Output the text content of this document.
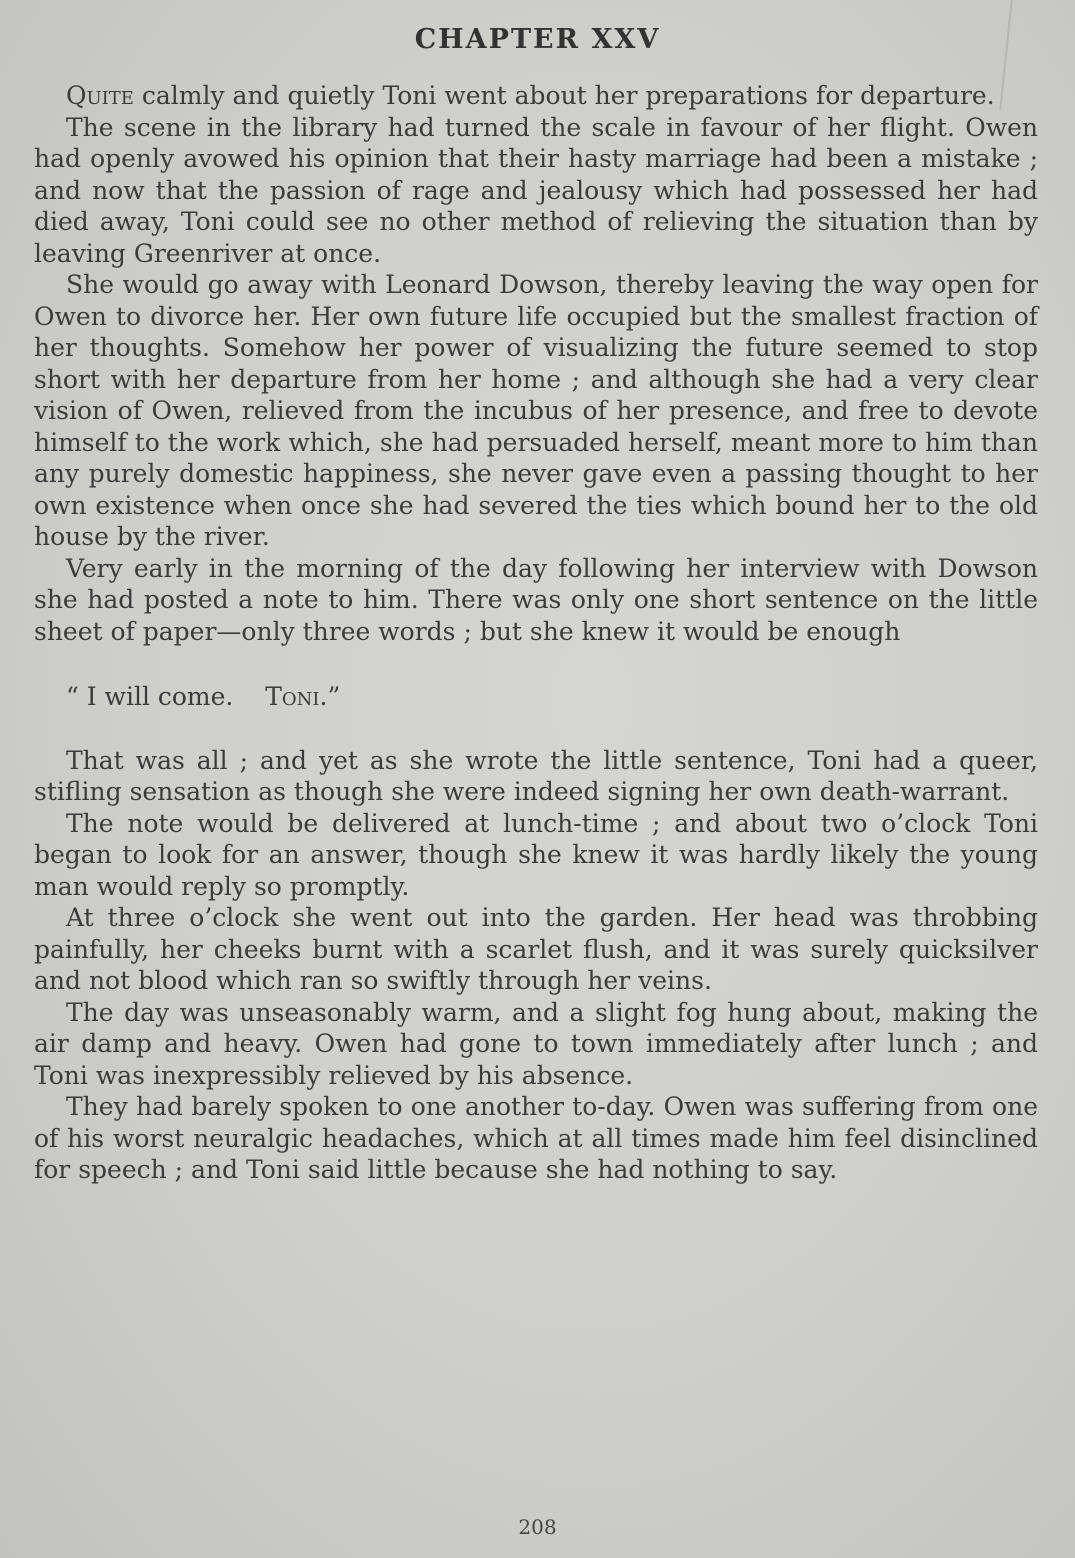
CHAPTER XXV

Quite calmly and quietly Toni went about her preparations for departure.

The scene in the library had turned the scale in favour of her flight. Owen had openly avowed his opinion that their hasty marriage had been a mistake ; and now that the passion of rage and jealousy which had possessed her had died away, Toni could see no other method of relieving the situation than by leaving Greenriver at once.

She would go away with Leonard Dowson, thereby leaving the way open for Owen to divorce her. Her own future life occupied but the smallest fraction of her thoughts. Somehow her power of visualizing the future seemed to stop short with her departure from her home ; and although she had a very clear vision of Owen, relieved from the incubus of her presence, and free to devote himself to the work which, she had persuaded herself, meant more to him than any purely domestic happiness, she never gave even a passing thought to her own existence when once she had severed the ties which bound her to the old house by the river.

Very early in the morning of the day following her interview with Dowson she had posted a note to him. There was only one short sentence on the little sheet of paper—only three words ; but she knew it would be enough

“ I will come. Toni.”

That was all ; and yet as she wrote the little sentence, Toni had a queer, stifling sensation as though she were indeed signing her own death-warrant.

The note would be delivered at lunch-time ; and about two o’clock Toni began to look for an answer, though she knew it was hardly likely the young man would reply so promptly.

At three o’clock she went out into the garden. Her head was throbbing painfully, her cheeks burnt with a scarlet flush, and it was surely quicksilver and not blood which ran so swiftly through her veins.

The day was unseasonably warm, and a slight fog hung about, making the air damp and heavy. Owen had gone to town immediately after lunch ; and Toni was inexpressibly relieved by his absence.

They had barely spoken to one another to-day. Owen was suffering from one of his worst neuralgic headaches, which at all times made him feel disinclined for speech ; and Toni said little because she had nothing to say.

208
